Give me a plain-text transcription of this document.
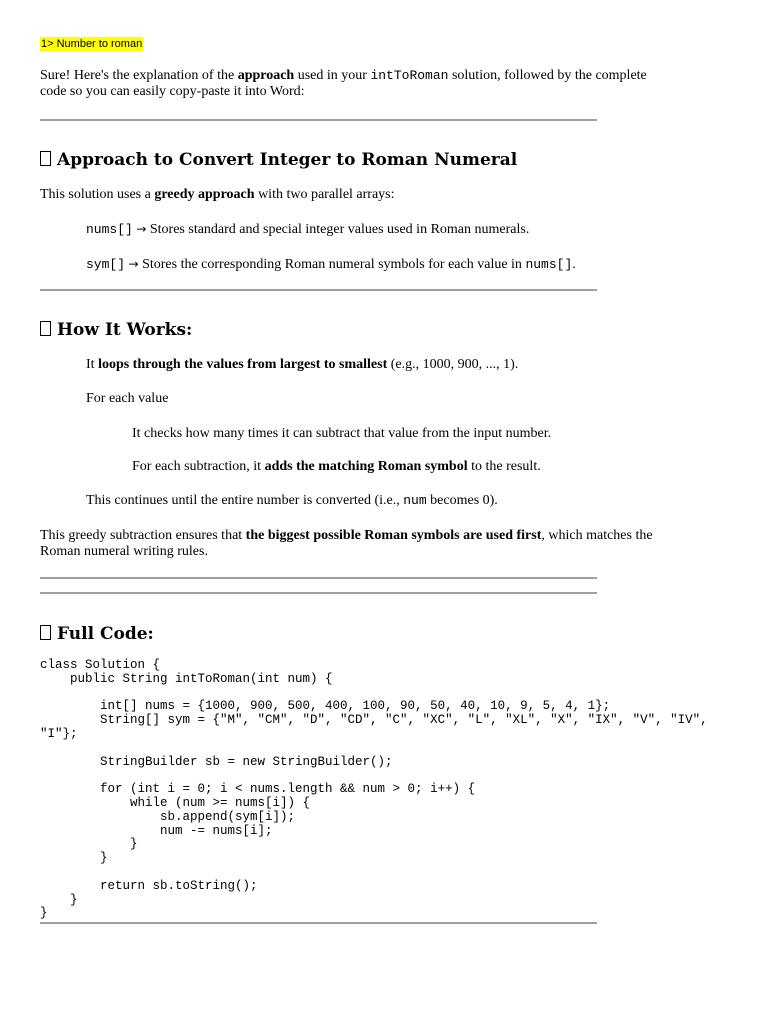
1> Number to roman

Sure! Here's the explanation of the approach used in your intToRoman solution, followed by the complete
code so you can easily copy-paste it into Word:

Approach to Convert Integer to Roman Numeral

This solution uses a greedy approach with two parallel arrays:

nums[] → Stores standard and special integer values used in Roman numerals.

sym[] → Stores the corresponding Roman numeral symbols for each value in nums[].

How It Works:

It loops through the values from largest to smallest (e.g., 1000, 900, ..., 1).

For each value

It checks how many times it can subtract that value from the input number.

For each subtraction, it adds the matching Roman symbol to the result.

This continues until the entire number is converted (i.e., num becomes 0).

This greedy subtraction ensures that the biggest possible Roman symbols are used first, which matches the
Roman numeral writing rules.

Full Code:
class Solution {
public String intToRoman(int num) {

int[] nums = {1000, 900, 500, 400, 100, 90, 50, 40, 10, 9, 5, 4, 1};
String[] sym = {"M", "CM", "D", "CD", "C", "XC", "L", "XL", "X", "IX", "V", "IV",
"I"};

StringBuilder sb = new StringBuilder();

for (int i = 0; i < nums.length && num > 0; i++) {
while (num >= nums[i]) {
sb.append(sym[i]);
num -= nums[i];
}
}

return sb.toString();
}
}
